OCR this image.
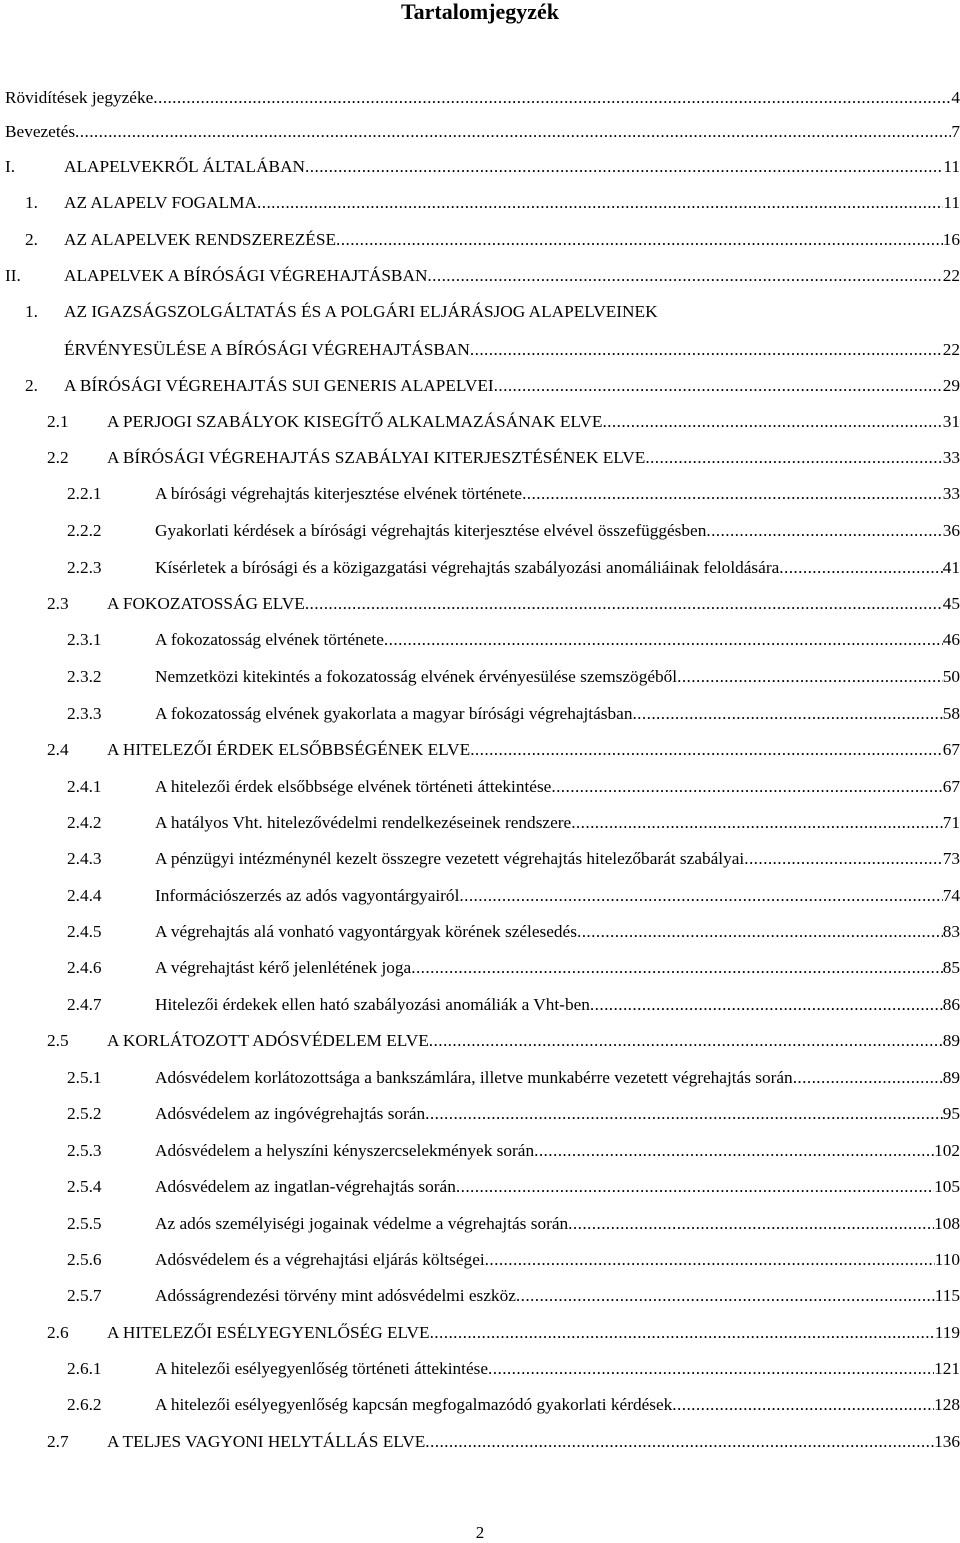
Tartalomjegyzék
Rövidítések jegyzéke .....	4
Bevezetés .....	7
I.	ALAPELVEKRŐL ÁLTALÁBAN .....	11
1. AZ ALAPELV FOGALMA .....	11
2. AZ ALAPELVEK RENDSZEREZÉSE .....	16
II. ALAPELVEK A BÍRÓSÁGI VÉGREHAJTÁSBAN .....	22
1. AZ IGAZSÁGSZOLGÁLTATÁS ÉS A POLGÁRI ELJÁRÁSJOG ALAPELVEINEK
ÉRVÉNYESÜLÉSE A BÍRÓSÁGI VÉGREHAJTÁSBAN .....	22
2. A BÍRÓSÁGI VÉGREHAJTÁS SUI GENERIS ALAPELVEI .....	29
2.1 A PERJOGI SZABÁLYOK KISEGÍTŐ ALKALMAZÁSÁNAK ELVE .....	31
2.2 A BÍRÓSÁGI VÉGREHAJTÁS SZABÁLYAI KITERJESZTÉSÉNEK ELVE .....	33
2.2.1	A bírósági végrehajtás kiterjesztése elvének története .....	33
2.2.2	Gyakorlati kérdések a bírósági végrehajtás kiterjesztése elvével összefüggésben .....	36
2.2.3	Kísérletek a bírósági és a közigazgatási végrehajtás szabályozási anomáliáinak feloldására .....	41
2.3 A FOKOZATOSSÁG ELVE .....	45
2.3.1	A fokozatosság elvének története .....	46
2.3.2	Nemzetközi kitekintés a fokozatosság elvének érvényesülése szemszögéből .....	50
2.3.3	A fokozatosság elvének gyakorlata a magyar bírósági végrehajtásban .....	58
2.4 A HITELEZŐI ÉRDEK ELSŐBBSÉGÉNEK ELVE .....	67
2.4.1	A hitelezői érdek elsőbbsége elvének történeti áttekintése .....	67
2.4.2	A hatályos Vht. hitelezővédelmi rendelkezéseinek rendszere .....	71
2.4.3	A pénzügyi intézménynél kezelt összegre vezetett végrehajtás hitelezőbarát szabályai .....	73
2.4.4	Információszerzés az adós vagyontárgyairól .....	74
2.4.5	A végrehajtás alá vonható vagyontárgyak körének szélesedés .....	83
2.4.6	A végrehajtást kérő jelenlétének joga .....	85
2.4.7	Hitelezői érdekek ellen ható szabályozási anomáliák a Vht-ben .....	86
2.5 A KORLÁTOZOTT ADÓSVÉDELEM ELVE .....	89
2.5.1	Adósvédelem korlátozottsága a bankszámlára, illetve munkabérre vezetett végrehajtás során .....	89
2.5.2	Adósvédelem az ingóvégrehajtás során .....	95
2.5.3	Adósvédelem a helyszíni kényszercselekmények során .....	102
2.5.4	Adósvédelem az ingatlan-végrehajtás során .....	105
2.5.5	Az adós személyiségi jogainak védelme a végrehajtás során .....	108
2.5.6	Adósvédelem és a végrehajtási eljárás költségei .....	110
2.5.7	Adósságrendezési törvény mint adósvédelmi eszköz .....	115
2.6 A HITELEZŐI ESÉLYEGYENLŐSÉG ELVE .....	119
2.6.1	A hitelezői esélyegyenlőség történeti áttekintése .....	121
2.6.2	A hitelezői esélyegyenlőség kapcsán megfogalmazódó gyakorlati kérdések .....	128
2.7 A TELJES VAGYONI HELYTÁLLÁS ELVE .....	136
2
